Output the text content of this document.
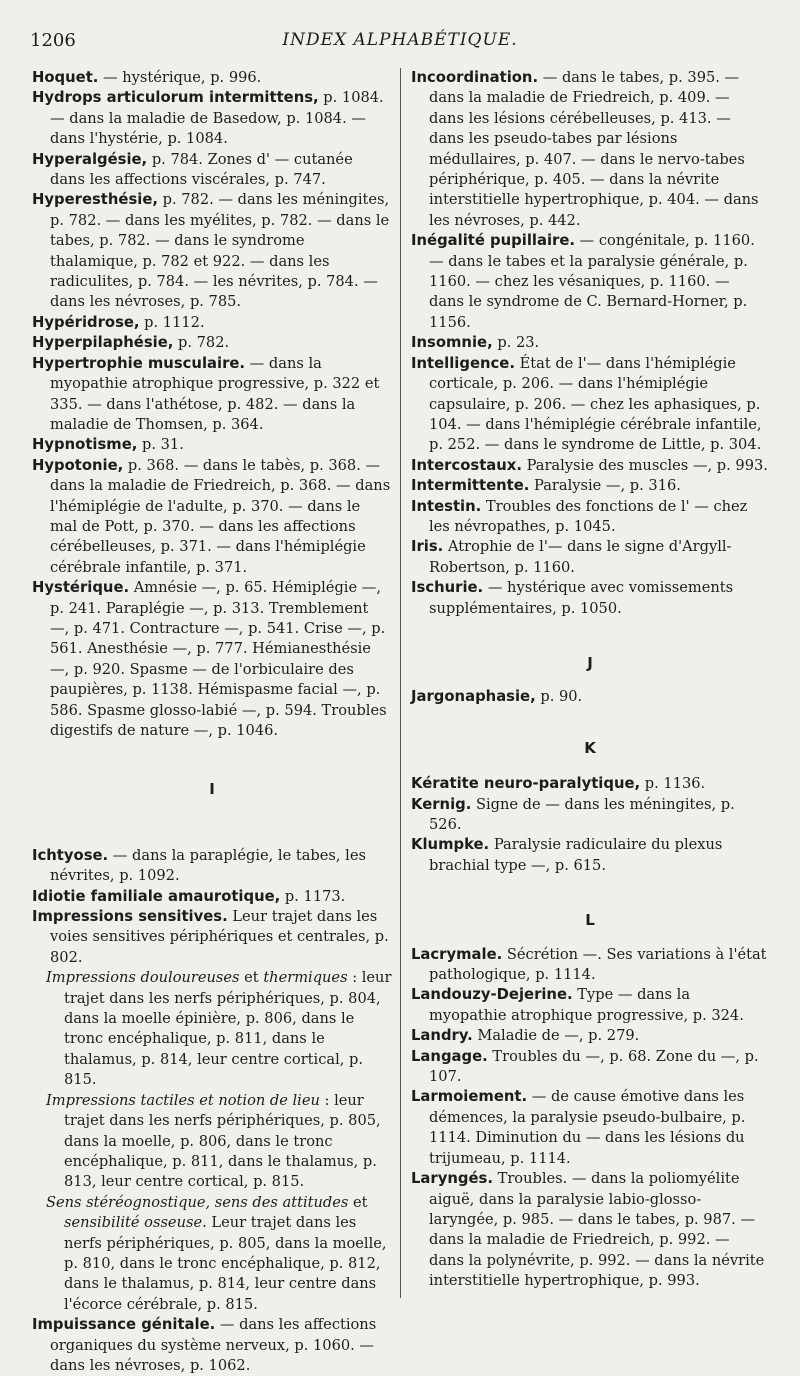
1206	INDEX ALPHABÉTIQUE.

Hoquet. — hystérique, p. 996.

Hydrops articulorum intermittens, p. 1084. — dans la maladie de Basedow, p. 1084. — dans l'hystérie, p. 1084.

Hyperalgésie, p. 784. Zones d' — cutanée dans les affections viscérales, p. 747.

Hyperesthésie, p. 782. — dans les méningites, p. 782. — dans les myélites, p. 782. — dans le tabes, p. 782. — dans le syndrome thalamique, p. 782 et 922. — dans les radiculites, p. 784. — les névrites, p. 784. — dans les névroses, p. 785.

Hypéridrose, p. 1112.

Hyperpilaphésie, p. 782.

Hypertrophie musculaire. — dans la myopathie atrophique progressive, p. 322 et 335. — dans l'athétose, p. 482. — dans la maladie de Thomsen, p. 364.

Hypnotisme, p. 31.

Hypotonie, p. 368. — dans le tabès, p. 368. — dans la maladie de Friedreich, p. 368. — dans l'hémiplégie de l'adulte, p. 370. — dans le mal de Pott, p. 370. — dans les affections cérébelleuses, p. 371. — dans l'hémiplégie cérébrale infantile, p. 371.

Hystérique. Amnésie —, p. 65. Hémiplégie —, p. 241. Paraplégie —, p. 313. Tremblement —, p. 471. Contracture —, p. 541. Crise —, p. 561. Anesthésie —, p. 777. Hémianesthésie —, p. 920. Spasme — de l'orbiculaire des paupières, p. 1138. Hémispasme facial —, p. 586. Spasme glosso-labié —, p. 594. Troubles digestifs de nature —, p. 1046.

I

Ichtyose. — dans la paraplégie, le tabes, les névrites, p. 1092.

Idiotie familiale amaurotique, p. 1173.

Impressions sensitives. Leur trajet dans les voies sensitives périphériques et centrales, p. 802.

Impressions douloureuses et thermiques : leur trajet dans les nerfs périphériques, p. 804, dans la moelle épinière, p. 806, dans le tronc encéphalique, p. 811, dans le thalamus, p. 814, leur centre cortical, p. 815.

Impressions tactiles et notion de lieu : leur trajet dans les nerfs périphériques, p. 805, dans la moelle, p. 806, dans le tronc encéphalique, p. 811, dans le thalamus, p. 813, leur centre cortical, p. 815.

Sens stéréognostique, sens des attitudes et sensibilité osseuse. Leur trajet dans les nerfs périphériques, p. 805, dans la moelle, p. 810, dans le tronc encéphalique, p. 812, dans le thalamus, p. 814, leur centre dans l'écorce cérébrale, p. 815.

Impuissance génitale. — dans les affections organiques du système nerveux, p. 1060. — dans les névroses, p. 1062.

Incoordination. — dans le tabes, p. 395. — dans la maladie de Friedreich, p. 409. — dans les lésions cérébelleuses, p. 413. — dans les pseudo-tabes par lésions médullaires, p. 407. — dans le nervo-tabes périphérique, p. 405. — dans la névrite interstitielle hypertrophique, p. 404. — dans les névroses, p. 442.

Inégalité pupillaire. — congénitale, p. 1160. — dans le tabes et la paralysie générale, p. 1160. — chez les vésaniques, p. 1160. — dans le syndrome de C. Bernard-Horner, p. 1156.

Insomnie, p. 23.

Intelligence. État de l'— dans l'hémiplégie corticale, p. 206. — dans l'hémiplégie capsulaire, p. 206. — chez les aphasiques, p. 104. — dans l'hémiplégie cérébrale infantile, p. 252. — dans le syndrome de Little, p. 304.

Intercostaux. Paralysie des muscles —, p. 993.

Intermittente. Paralysie —, p. 316.

Intestin. Troubles des fonctions de l' — chez les névropathes, p. 1045.

Iris. Atrophie de l'— dans le signe d'Argyll-Robertson, p. 1160.

Ischurie. — hystérique avec vomissements supplémentaires, p. 1050.

J

Jargonaphasie, p. 90.

K

Kératite neuro-paralytique, p. 1136.

Kernig. Signe de — dans les méningites, p. 526.

Klumpke. Paralysie radiculaire du plexus brachial type —, p. 615.

L

Lacrymale. Sécrétion —. Ses variations à l'état pathologique, p. 1114.

Landouzy-Dejerine. Type — dans la myopathie atrophique progressive, p. 324.

Landry. Maladie de —, p. 279.

Langage. Troubles du —, p. 68. Zone du —, p. 107.

Larmoiement. — de cause émotive dans les démences, la paralysie pseudo-bulbaire, p. 1114. Diminution du — dans les lésions du trijumeau, p. 1114.

Laryngés. Troubles. — dans la poliomyélite aiguë, dans la paralysie labio-glosso-laryngée, p. 985. — dans le tabes, p. 987. — dans la maladie de Friedreich, p. 992. — dans la polynévrite, p. 992. — dans la névrite interstitielle hypertrophique, p. 993.
